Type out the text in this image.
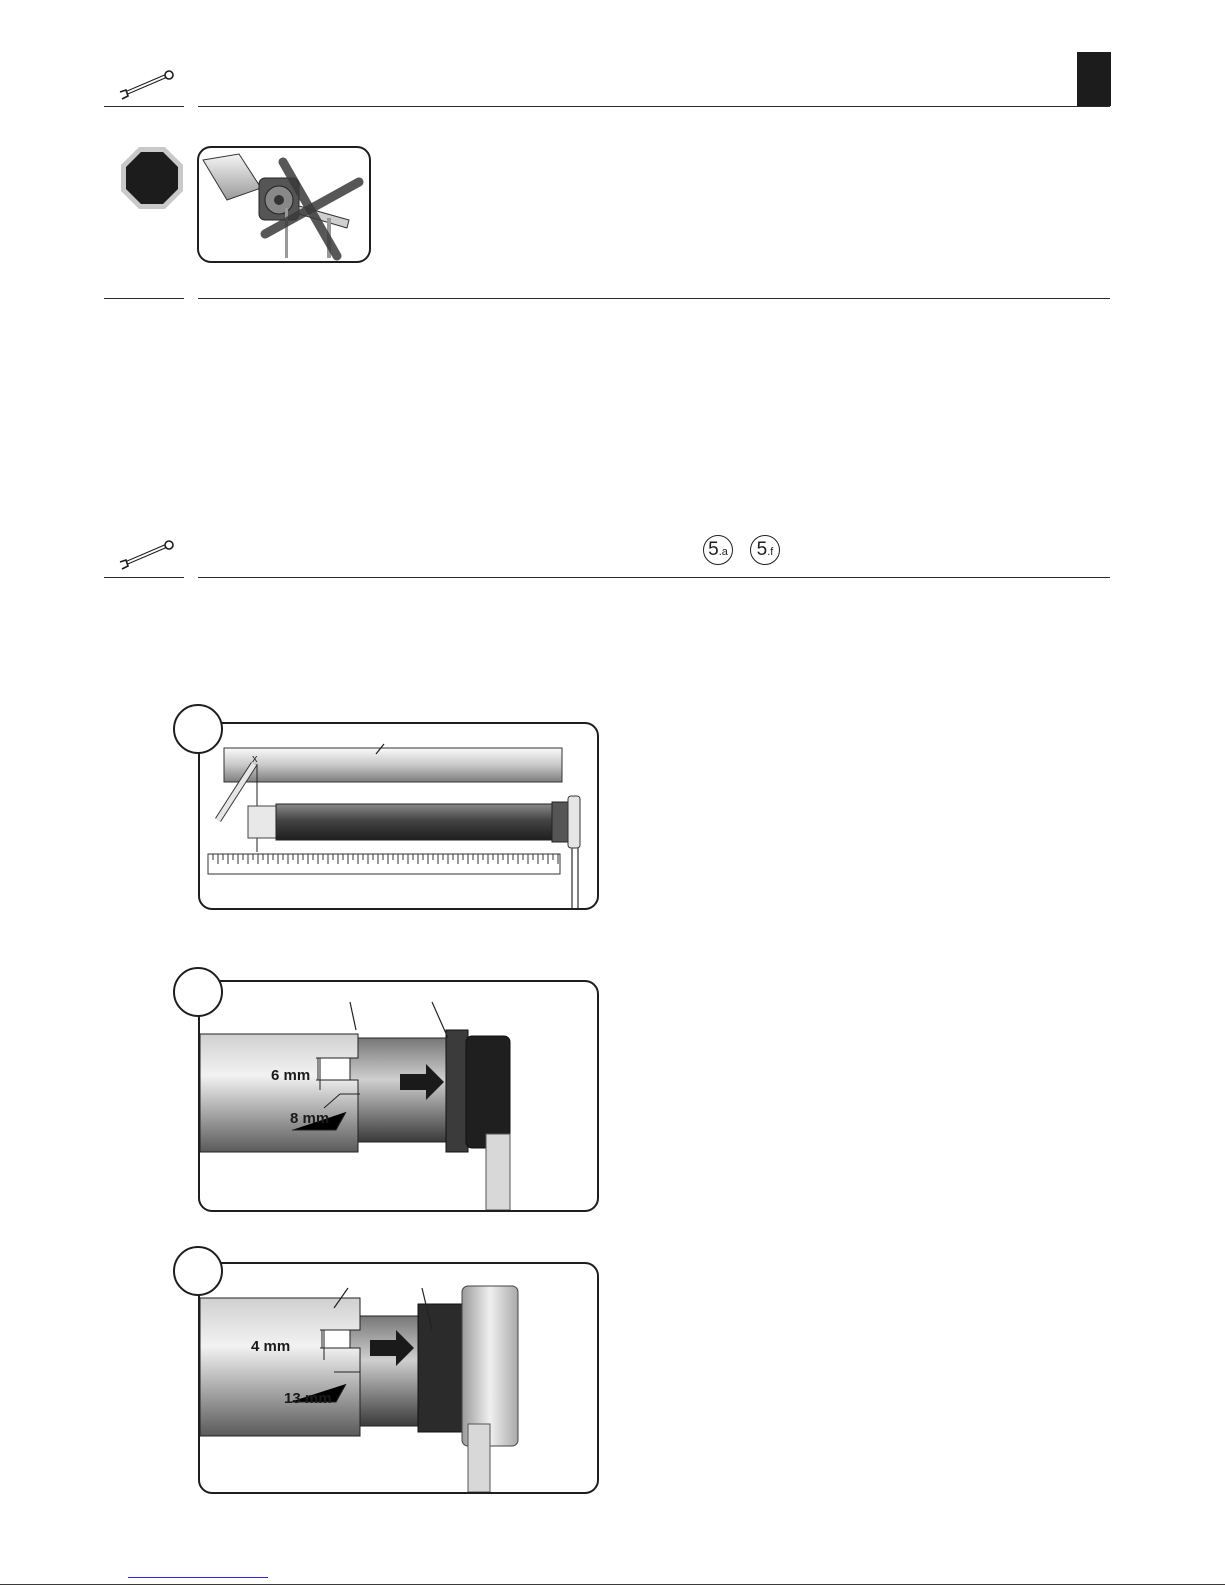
5.a	5.f
x
6 mm
8 mm
4 mm
13 mm
